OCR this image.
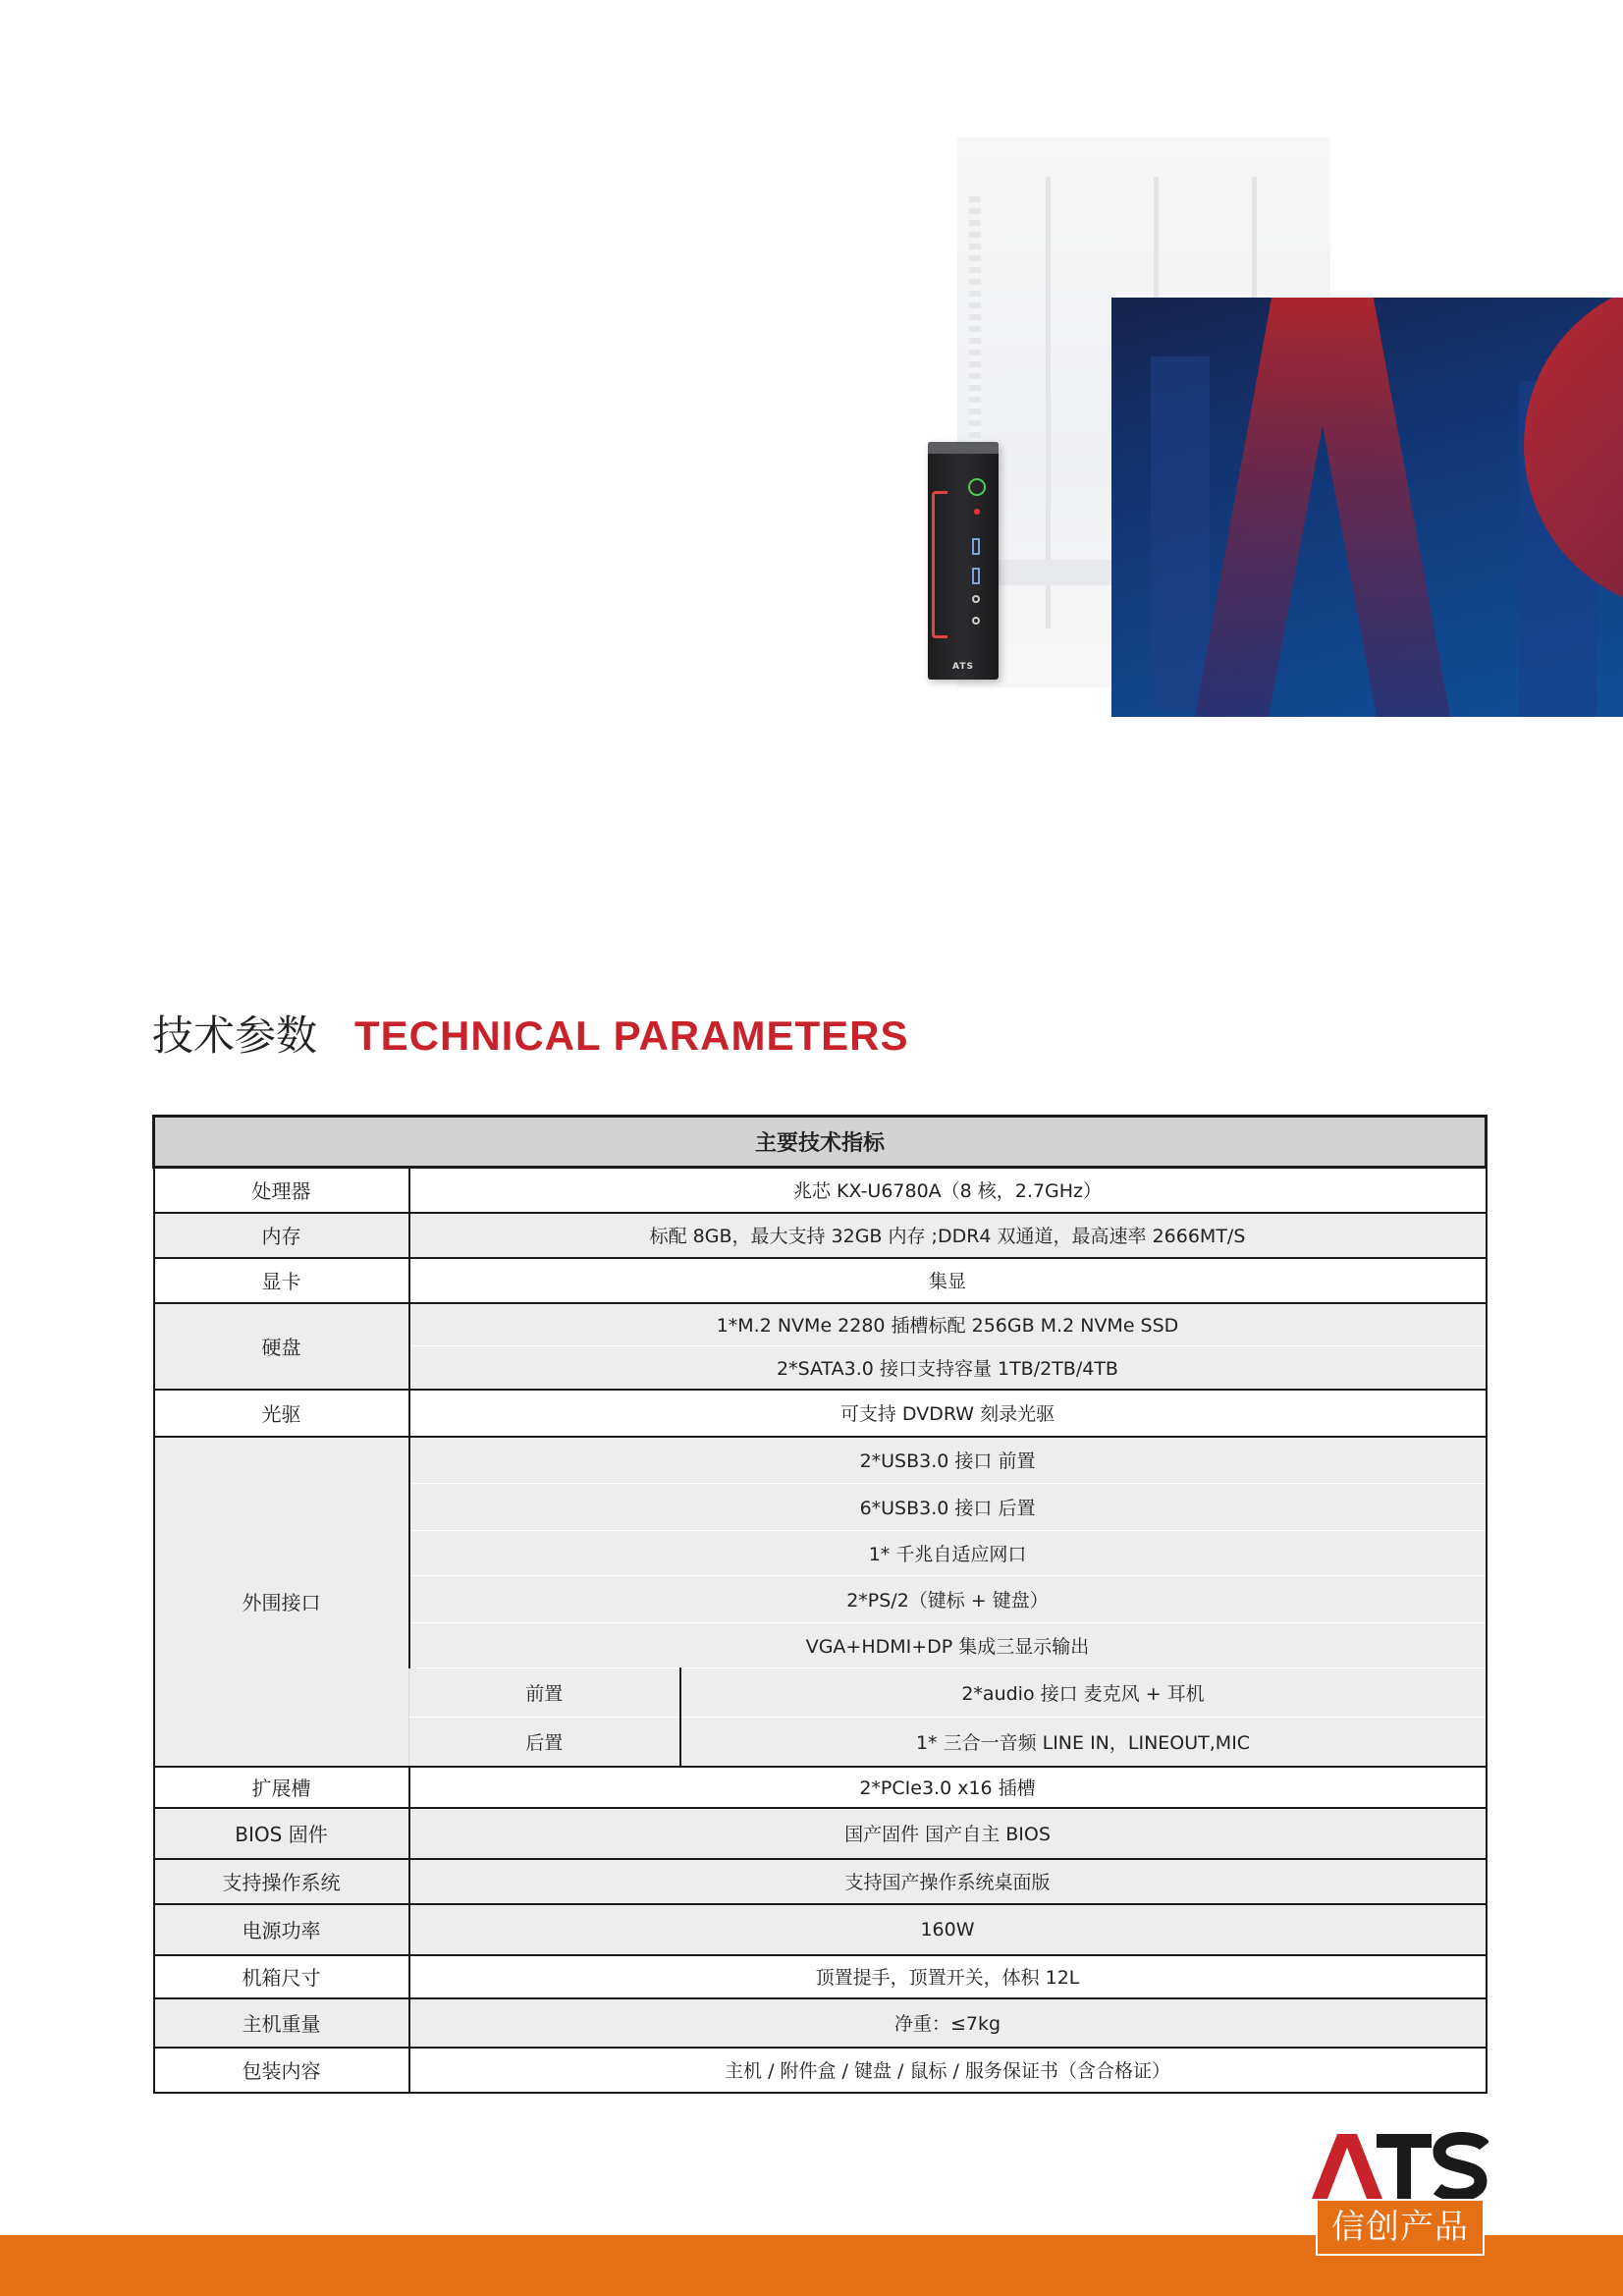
ATS
技术参数 TECHNICAL PARAMETERS
主要技术指标		
处理器	兆芯 KX-U6780A（8 核，2.7GHz）	
内存	标配 8GB，最大支持 32GB 内存 ;DDR4 双通道，最高速率 2666MT/S	
显卡	集显	
硬盘	1*M.2 NVMe 2280 插槽标配 256GB M.2 NVMe SSD	
	2*SATA3.0 接口支持容量 1TB/2TB/4TB	
光驱	可支持 DVDRW 刻录光驱	
外围接口	2*USB3.0 接口 前置	
	6*USB3.0 接口 后置	
	1* 千兆自适应网口	
	2*PS/2（键标 + 键盘）	
	VGA+HDMI+DP 集成三显示输出	
	前置	2*audio 接口 麦克风 + 耳机
	后置	1* 三合一音频 LINE IN，LINEOUT,MIC
扩展槽	2*PCIe3.0 x16 插槽	
BIOS 固件	国产固件 国产自主 BIOS	
支持操作系统	支持国产操作系统桌面版	
电源功率	160W	
机箱尺寸	顶置提手，顶置开关，体积 12L	
主机重量	净重：≤7kg	
包装内容	主机 / 附件盒 / 键盘 / 鼠标 / 服务保证书（含合格证）	
信创产品
